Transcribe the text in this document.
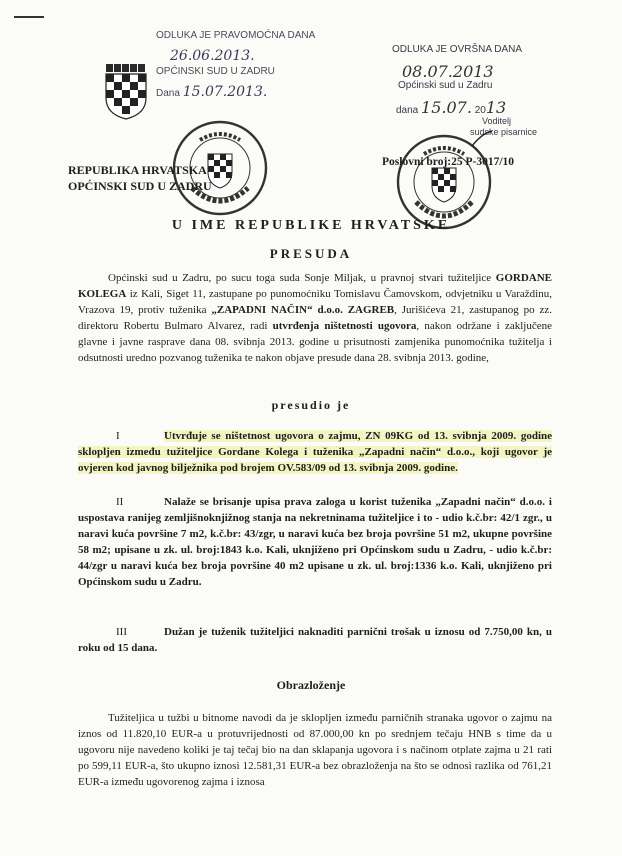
ODLUKA JE PRAVOMOĆNA DANA
26.06.2013.
OPĆINSKI SUD U ZADRU
Dana 15.07.2013.
ODLUKA JE OVRŠNA DANA
08.07.2013
Općinski sud u Zadru
dana 15.07. 2013
Voditelj
sudske pisarnice
REPUBLIKA HRVATSKA
OPĆINSKI SUD U ZADRU
Poslovni broj:25 P-3017/10
U IME REPUBLIKE HRVATSKE
PRESUDA
Općinski sud u Zadru, po sucu toga suda Sonje Miljak, u pravnoj stvari tužiteljice GORDANE KOLEGA iz Kali, Siget 11, zastupane po punomoćniku Tomislavu Čamovskom, odvjetniku u Varaždinu, Vrazova 19, protiv tuženika „ZAPADNI NAČIN“ d.o.o. ZAGREB, Jurišićeva 21, zastupanog po zz. direktoru Robertu Bulmaro Alvarez, radi utvrđenja ništetnosti ugovora, nakon održane i zaključene glavne i javne rasprave dana 08. svibnja 2013. godine u prisutnosti zamjenika punomoćnika tužitelja i odsutnosti uredno pozvanog tuženika te nakon objave presude dana 28. svibnja 2013. godine,
presudio je
I	Utvrđuje se ništetnost ugovora o zajmu, ZN 09KG od 13. svibnja 2009. godine sklopljen između tužiteljice Gordane Kolega i tuženika „Zapadni način“ d.o.o., koji ugovor je ovjeren kod javnog bilježnika pod brojem OV.583/09 od 13. svibnja 2009. godine.
II	Nalaže se brisanje upisa prava zaloga u korist tuženika „Zapadni način“ d.o.o. i uspostava ranijeg zemljišnoknjižnog stanja na nekretninama tužiteljice i to - udio k.č.br: 42/1 zgr., u naravi kuća površine 7 m2, k.č.br: 43/zgr, u naravi kuća bez broja površine 51 m2, ukupne površine 58 m2; upisane u zk. ul. broj:1843 k.o. Kali, uknjiženo pri Općinskom sudu u Zadru, - udio k.č.br: 44/zgr u naravi kuća bez broja površine 40 m2 upisane u zk. ul. broj:1336 k.o. Kali, uknjiženo pri Općinskom sudu u Zadru.
III	Dužan je tuženik tužiteljici naknaditi parnični trošak u iznosu od 7.750,00 kn, u roku od 15 dana.
Obrazloženje
Tužiteljica u tužbi u bitnome navodi da je sklopljen između parničnih stranaka ugovor o zajmu na iznos od 11.820,10 EUR-a u protuvrijednosti od 87.000,00 kn po srednjem tečaju HNB s time da u ugovoru nije navedeno koliki je taj tečaj bio na dan sklapanja ugovora i s načinom otplate zajma u 21 rati po 599,11 EUR-a, što ukupno iznosi 12.581,31 EUR-a bez obrazloženja na što se odnosi razlika od 761,21 EUR-a između ugovorenog zajma i iznosa
